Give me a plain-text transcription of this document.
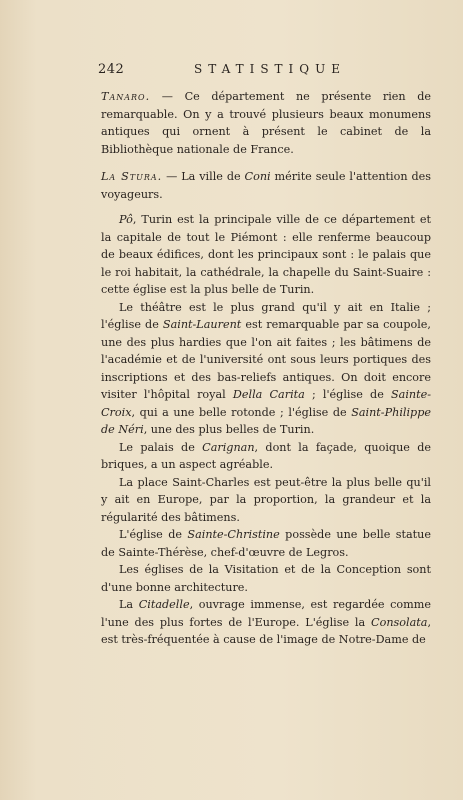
242	STATISTIQUE

Tanaro. — Ce département ne présente rien de remarquable. On y a trouvé plusieurs beaux monumens antiques qui ornent à présent le cabinet de la Bibliothèque nationale de France.

La Stura. — La ville de Coni mérite seule l'attention des voyageurs.

Pô, Turin est la principale ville de ce département et la capitale de tout le Piémont : elle renferme beaucoup de beaux édifices, dont les principaux sont : le palais que le roi habitait, la cathédrale, la chapelle du Saint-Suaire : cette église est la plus belle de Turin.

Le théâtre est le plus grand qu'il y ait en Italie ; l'église de Saint-Laurent est remarquable par sa coupole, une des plus hardies que l'on ait faites ; les bâtimens de l'académie et de l'université ont sous leurs portiques des inscriptions et des bas-reliefs antiques. On doit encore visiter l'hôpital royal Della Carita ; l'église de Sainte-Croix, qui a une belle rotonde ; l'église de Saint-Philippe de Néri, une des plus belles de Turin.

Le palais de Carignan, dont la façade, quoique de briques, a un aspect agréable.

La place Saint-Charles est peut-être la plus belle qu'il y ait en Europe, par la proportion, la grandeur et la régularité des bâtimens.

L'église de Sainte-Christine possède une belle statue de Sainte-Thérèse, chef-d'œuvre de Legros.

Les églises de la Visitation et de la Conception sont d'une bonne architecture.

La Citadelle, ouvrage immense, est regardée comme l'une des plus fortes de l'Europe. L'église la Consolata, est très-fréquentée à cause de l'image de Notre-Dame de
